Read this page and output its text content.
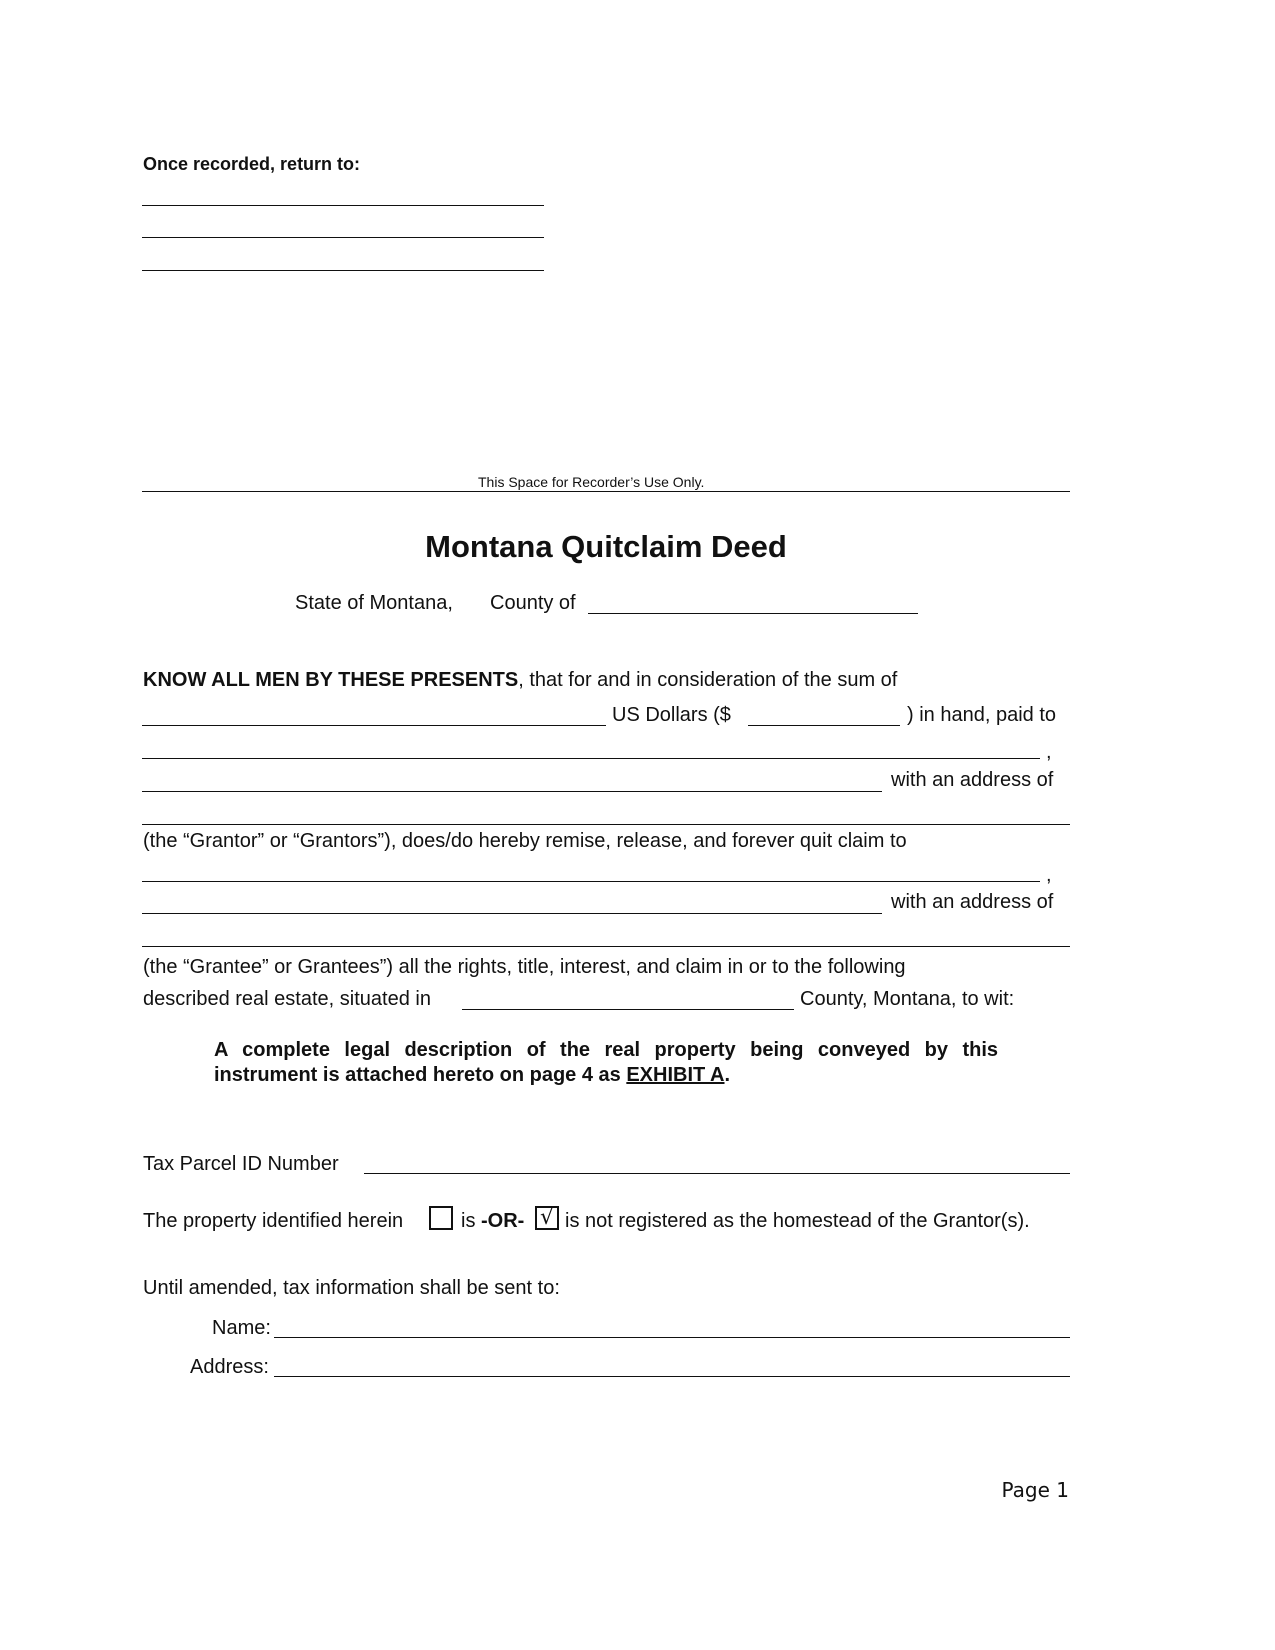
Once recorded, return to:
This Space for Recorder’s Use Only.
Montana Quitclaim Deed
State of Montana, County of
KNOW ALL MEN BY THESE PRESENTS, that for and in consideration of the sum of
US Dollars ($	) in hand, paid to
,
with an address of
(the “Grantor” or “Grantors”), does/do hereby remise, release, and forever quit claim to
,
with an address of
(the “Grantee” or Grantees”) all the rights, title, interest, and claim in or to the following
described real estate, situated in	County, Montana, to wit:
A complete legal description of the real property being conveyed by this
instrument is attached hereto on page 4 as EXHIBIT A.
Tax Parcel ID Number
The property identified herein	is -OR- √ is not registered as the homestead of the Grantor(s).
Until amended, tax information shall be sent to:
Name:
Address:
Page 1
